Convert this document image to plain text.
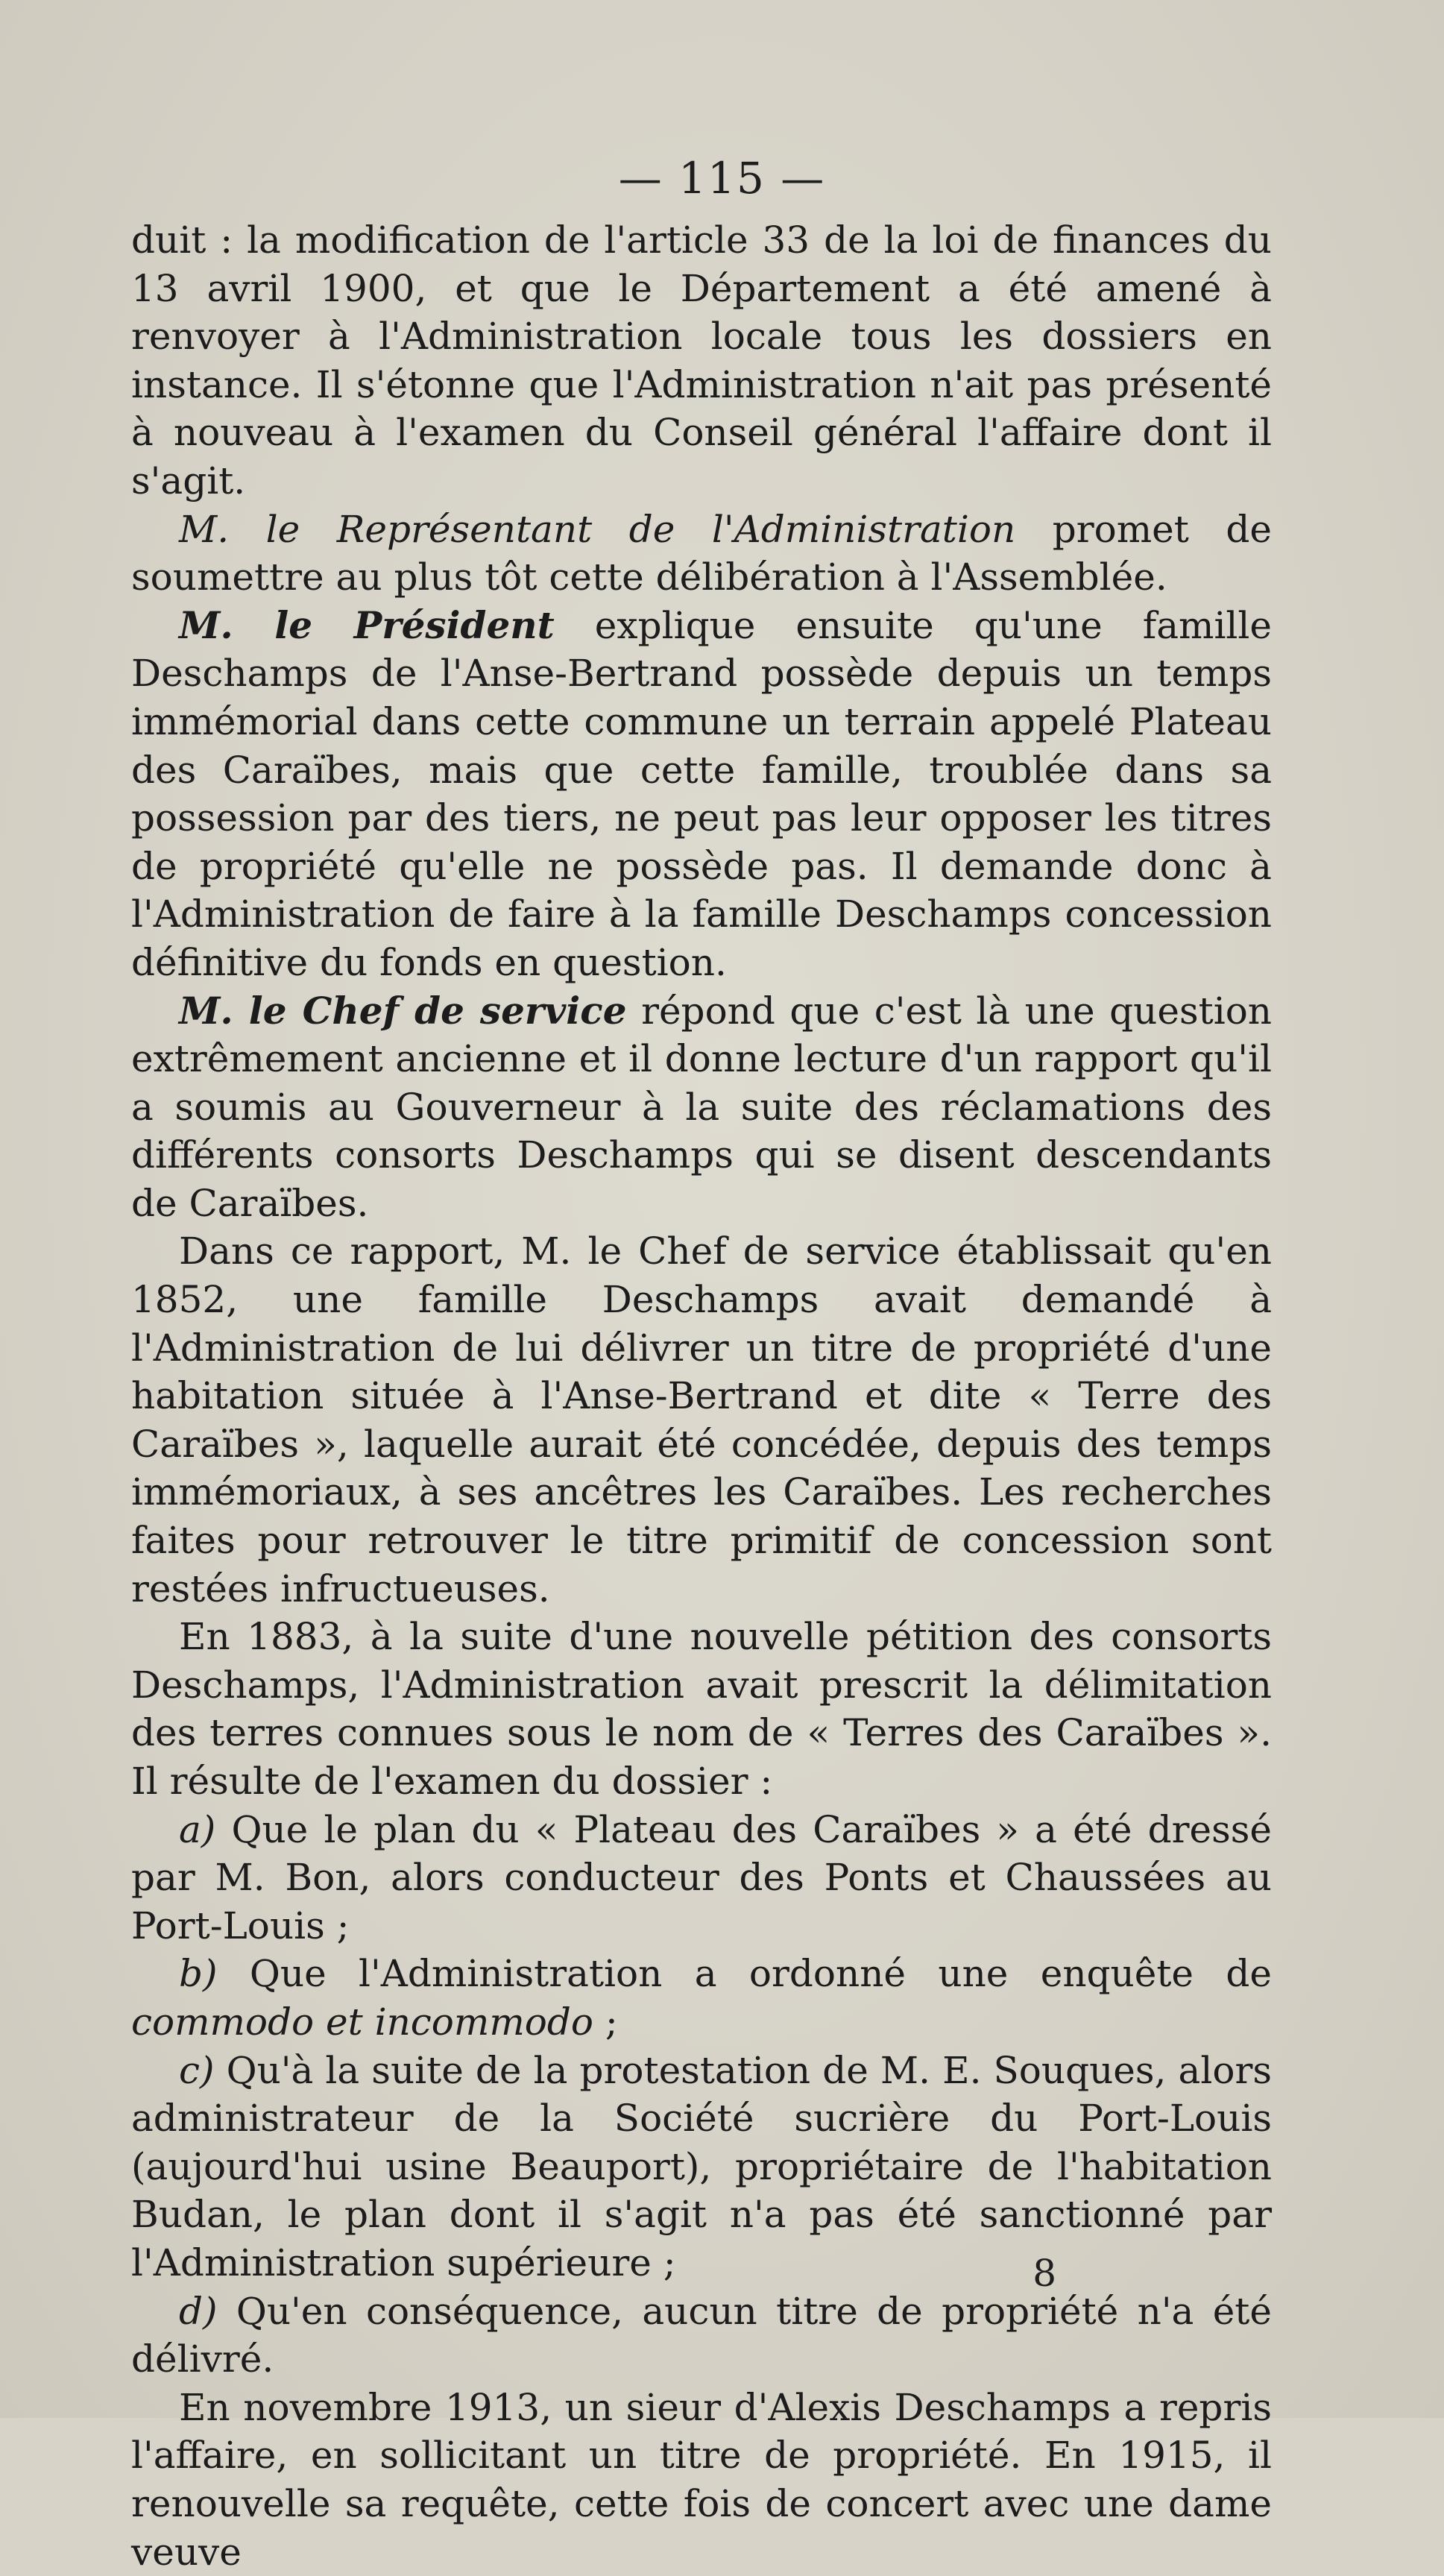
— 115 —

duit : la modification de l'article 33 de la loi de finances du 13 avril 1900, et que le Département a été amené à renvoyer à l'Administration locale tous les dossiers en instance. Il s'étonne que l'Administration n'ait pas présenté à nouveau à l'examen du Conseil général l'affaire dont il s'agit.

M. le Représentant de l'Administration promet de soumettre au plus tôt cette délibération à l'Assemblée.

M. le Président explique ensuite qu'une famille Deschamps de l'Anse-Bertrand possède depuis un temps immémorial dans cette commune un terrain appelé Plateau des Caraïbes, mais que cette famille, troublée dans sa possession par des tiers, ne peut pas leur opposer les titres de propriété qu'elle ne possède pas. Il demande donc à l'Administration de faire à la famille Deschamps concession définitive du fonds en question.

M. le Chef de service répond que c'est là une question extrêmement ancienne et il donne lecture d'un rapport qu'il a soumis au Gouverneur à la suite des réclamations des différents consorts Deschamps qui se disent descendants de Caraïbes.

Dans ce rapport, M. le Chef de service établissait qu'en 1852, une famille Deschamps avait demandé à l'Administration de lui délivrer un titre de propriété d'une habitation située à l'Anse-Bertrand et dite « Terre des Caraïbes », laquelle aurait été concédée, depuis des temps immémoriaux, à ses ancêtres les Caraïbes. Les recherches faites pour retrouver le titre primitif de concession sont restées infructueuses.

En 1883, à la suite d'une nouvelle pétition des consorts Deschamps, l'Administration avait prescrit la délimitation des terres connues sous le nom de « Terres des Caraïbes ». Il résulte de l'examen du dossier :

a) Que le plan du « Plateau des Caraïbes » a été dressé par M. Bon, alors conducteur des Ponts et Chaussées au Port-Louis ;

b) Que l'Administration a ordonné une enquête de commodo et incommodo ;

c) Qu'à la suite de la protestation de M. E. Souques, alors administrateur de la Société sucrière du Port-Louis (aujourd'hui usine Beauport), propriétaire de l'habitation Budan, le plan dont il s'agit n'a pas été sanctionné par l'Administration supérieure ;

d) Qu'en conséquence, aucun titre de propriété n'a été délivré.

En novembre 1913, un sieur d'Alexis Deschamps a repris l'affaire, en sollicitant un titre de propriété. En 1915, il renouvelle sa requête, cette fois de concert avec une dame veuve

8
